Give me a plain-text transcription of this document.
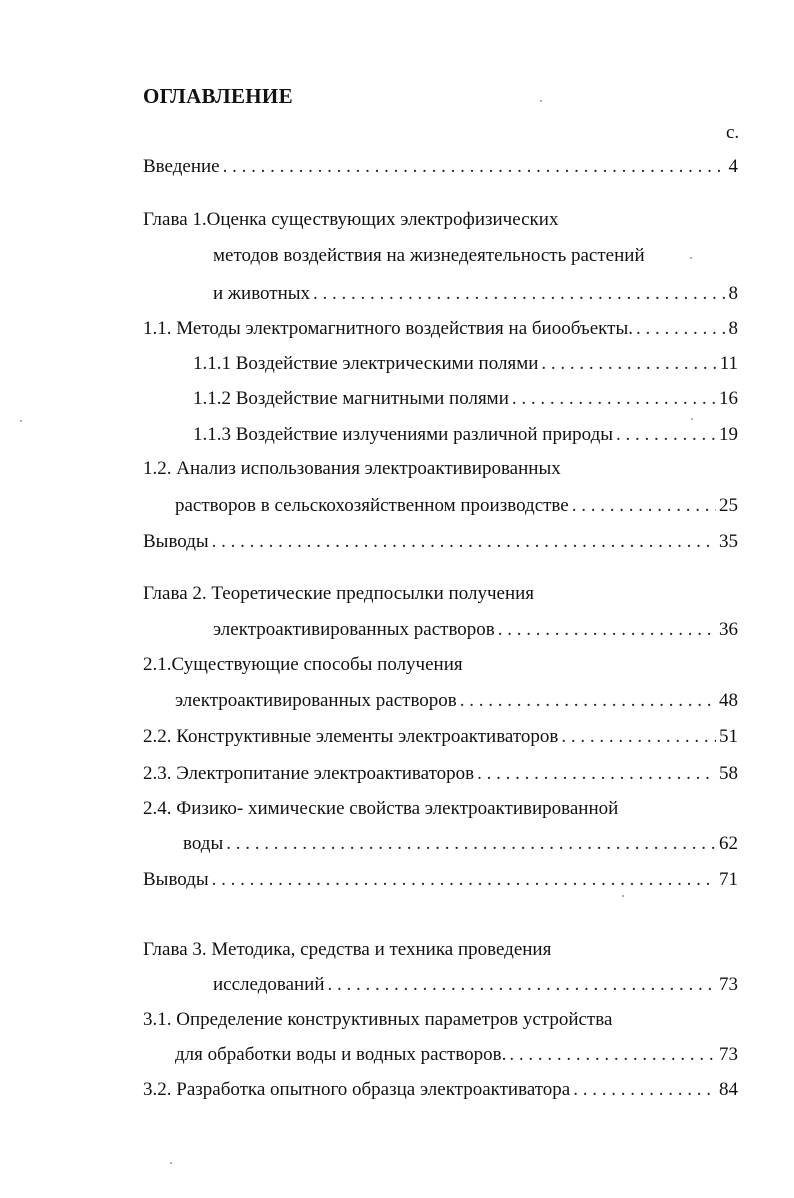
ОГЛАВЛЕНИЕ
с.
Введение . . .	4
Глава 1.Оценка существующих электрофизических
методов воздействия на жизнедеятельность растений
и животных . . .	8
1.1. Методы электромагнитного воздействия на биообъекты. . . .	8
1.1.1 Воздействие электрическими полями . . .	11
1.1.2 Воздействие магнитными полями . . .	16
1.1.3 Воздействие излучениями различной природы . . .	19
1.2. Анализ использования электроактивированных
растворов в сельскохозяйственном производстве . . .	25
Выводы . . .	35
Глава 2. Теоретические предпосылки получения
электроактивированных растворов . . .	36
2.1.Существующие способы получения
электроактивированных растворов . . .	48
2.2. Конструктивные элементы электроактиваторов . . .	51
2.3. Электропитание электроактиваторов . . .	58
2.4. Физико- химические свойства электроактивированной
воды . . .	62
Выводы . . .	71
Глава 3. Методика, средства и техника проведения
исследований . . .	73
3.1. Определение конструктивных параметров устройства
для обработки воды и водных растворов. . . .	73
3.2. Разработка опытного образца электроактиватора . . .	84
